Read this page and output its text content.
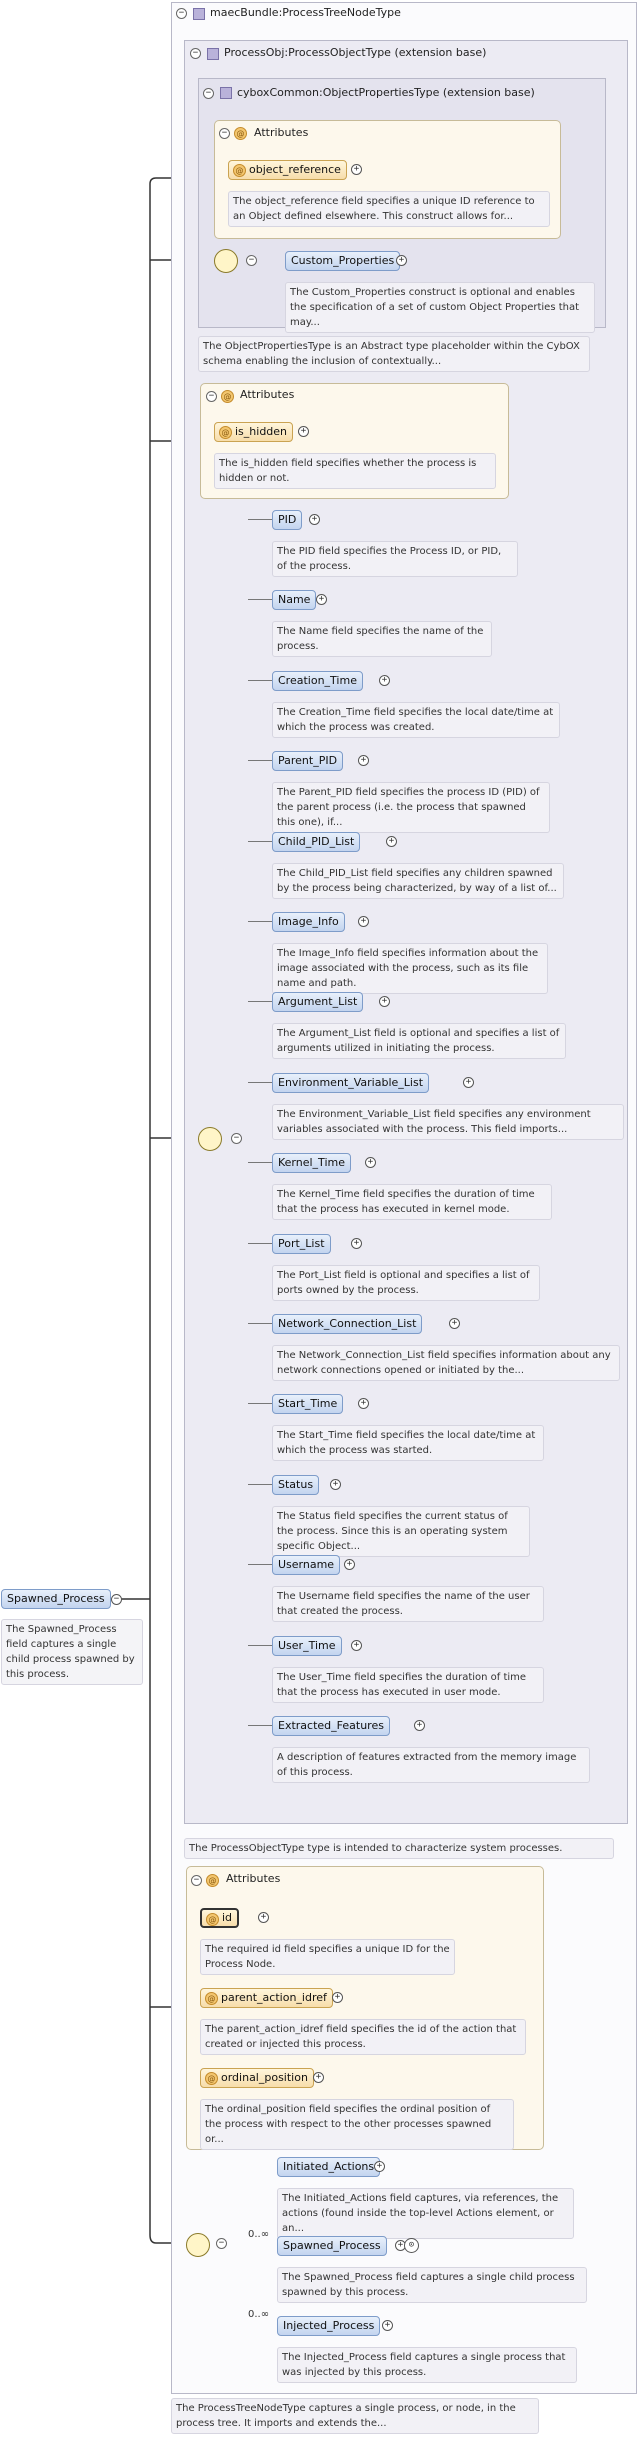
Spawned_Process	−
The Spawned_Process field captures a single child process spawned by this process.
− maecBundle:ProcessTreeNodeType
− ProcessObj:ProcessObjectType (extension base)
− cyboxCommon:ObjectPropertiesType (extension base)
−	@ Attributes
@ object_reference	+
The object_reference field specifies a unique ID reference to an Object defined elsewhere. This construct allows for...
−	Custom_Properties +
The Custom_Properties construct is optional and enables the specification of a set of custom Object Properties that may...
The ObjectPropertiesType is an Abstract type placeholder within the CybOX schema enabling the inclusion of contextually...
−	@ Attributes
@ is_hidden	+
The is_hidden field specifies whether the process is hidden or not.
−
PID	+
The PID field specifies the Process ID, or PID, of the process.
Name +
The Name field specifies the name of the process.
Creation_Time	+
The Creation_Time field specifies the local date/time at which the process was created.
Parent_PID	+
The Parent_PID field specifies the process ID (PID) of the parent process (i.e. the process that spawned this one), if...
Child_PID_List	+
The Child_PID_List field specifies any children spawned by the process being characterized, by way of a list of...
Image_Info	+
The Image_Info field specifies information about the image associated with the process, such as its file name and path.
Argument_List	+
The Argument_List field is optional and specifies a list of arguments utilized in initiating the process.
Environment_Variable_List	+
The Environment_Variable_List field specifies any environment variables associated with the process. This field imports...
Kernel_Time	+
The Kernel_Time field specifies the duration of time that the process has executed in kernel mode.
Port_List	+
The Port_List field is optional and specifies a list of ports owned by the process.
Network_Connection_List	+
The Network_Connection_List field specifies information about any network connections opened or initiated by the...
Start_Time	+
The Start_Time field specifies the local date/time at which the process was started.
Status	+
The Status field specifies the current status of the process. Since this is an operating system specific Object...
Username	+
The Username field specifies the name of the user that created the process.
User_Time	+
The User_Time field specifies the duration of time that the process has executed in user mode.
Extracted_Features	+
A description of features extracted from the memory image of this process.
The ProcessObjectType type is intended to characterize system processes.
−	@ Attributes
@ id	+
The required id field specifies a unique ID for the Process Node.
@ parent_action_idref +
The parent_action_idref field specifies the id of the action that created or injected this process.
@ ordinal_position +
The ordinal_position field specifies the ordinal position of the process with respect to the other processes spawned or...
−
Initiated_Actions +
The Initiated_Actions field captures, via references, the actions (found inside the top-level Actions element, or an...
0..∞
Spawned_Process	+ ⊙
The Spawned_Process field captures a single child process spawned by this process.
0..∞
Injected_Process	+
The Injected_Process field captures a single process that was injected by this process.
The ProcessTreeNodeType captures a single process, or node, in the process tree. It imports and extends the...
